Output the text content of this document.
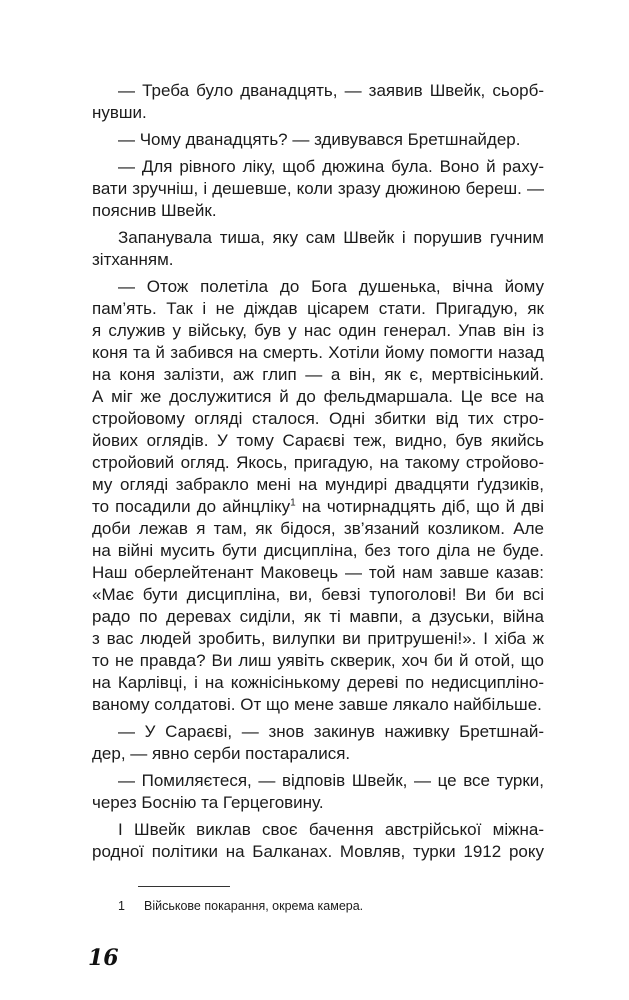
— Треба було дванадцять, — заявив Швейк, сьорб-
нувши.
— Чому дванадцять? — здивувався Бретшнайдер.
— Для рівного ліку, щоб дюжина була. Воно й раху-
вати зручніш, і дешевше, коли зразу дюжиною береш. —
пояснив Швейк.
Запанувала тиша, яку сам Швейк і порушив гучним
зітханням.
— Отож полетіла до Бога душенька, вічна йому
пам’ять. Так і не діждав цісарем стати. Пригадую, як
я служив у війську, був у нас один генерал. Упав він із
коня та й забився на смерть. Хотіли йому помогти назад
на коня залізти, аж глип — а він, як є, мертвісінький.
А міг же дослужитися й до фельдмаршала. Це все на
стройовому огляді сталося. Одні збитки від тих стро-
йових оглядів. У тому Сараєві теж, видно, був якийсь
стройовий огляд. Якось, пригадую, на такому стройово-
му огляді забракло мені на мундирі двадцяти ґудзиків,
то посадили до айнцліку$^1$ на чотирнадцять діб, що й дві
доби лежав я там, як бідося, зв’язаний козликом. Але
на війні мусить бути дисципліна, без того діла не буде.
Наш оберлейтенант Маковець — той нам завше казав:
«Має бути дисципліна, ви, бевзі тупоголові! Ви би всі
радо по деревах сиділи, як ті мавпи, а дзуськи, війна
з вас людей зробить, вилупки ви притрушені!». І хіба ж
то не правда? Ви лиш уявіть скверик, хоч би й отой, що
на Карлівці, і на кожнісінькому дереві по недисципліно-
ваному солдатові. От що мене завше лякало найбільше.
— У Сараєві, — знов закинув наживку Бретшнай-
дер, — явно серби постаралися.
— Помиляєтеся, — відповів Швейк, — це все турки,
через Боснію та Герцеговину.
І Швейк виклав своє бачення австрійської міжна-
родної політики на Балканах. Мовляв, турки 1912 року
1 Військове покарання, окрема камера.
16
